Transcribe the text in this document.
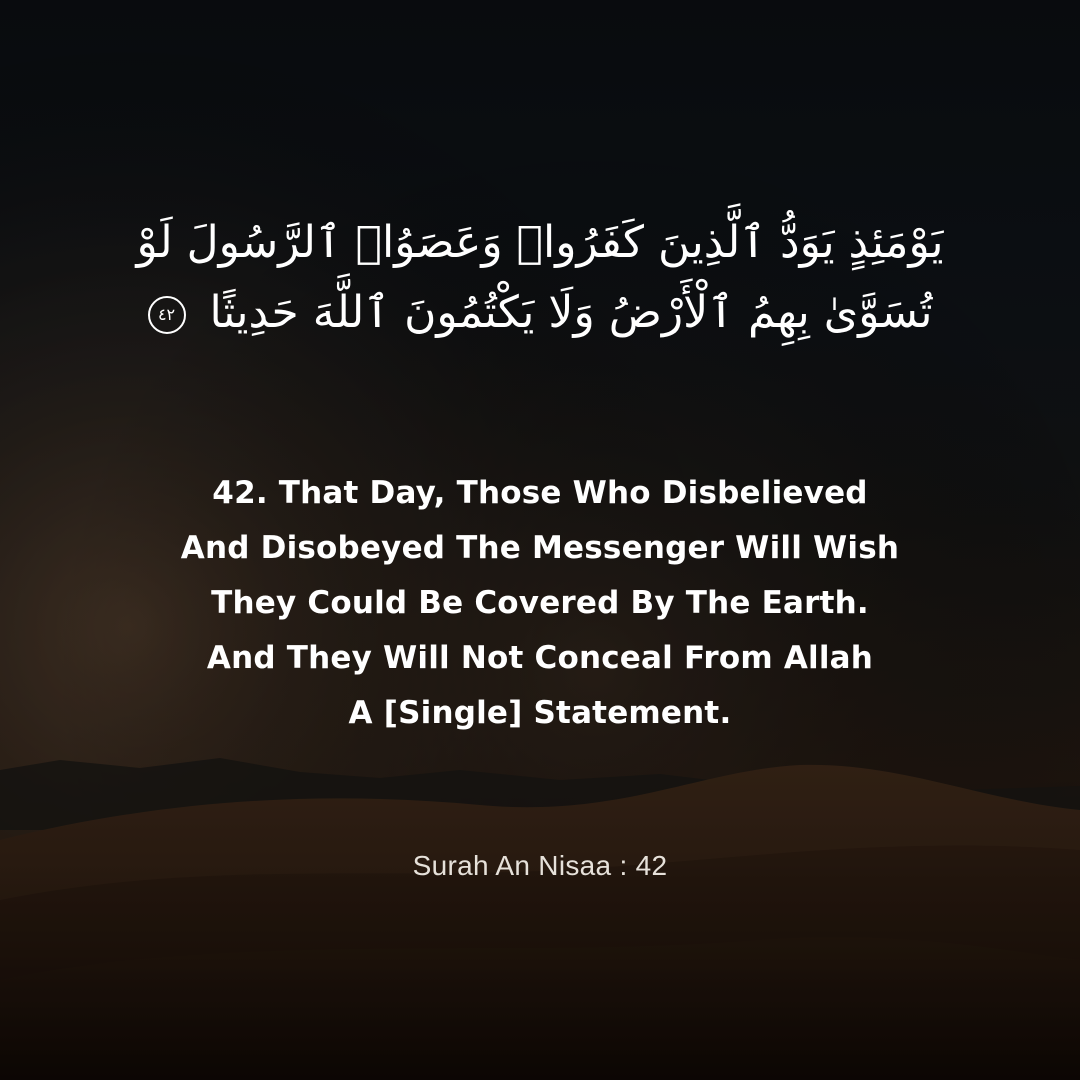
يَوْمَئِذٍ يَوَدُّ ٱلَّذِينَ كَفَرُوا۟ وَعَصَوُا۟ ٱلرَّسُولَ لَوْ
تُسَوَّىٰ بِهِمُ ٱلْأَرْضُ وَلَا يَكْتُمُونَ ٱللَّهَ حَدِيثًا ٤٢
42. That Day, Those Who Disbelieved
And Disobeyed The Messenger Will Wish
They Could Be Covered By The Earth.
And They Will Not Conceal From Allah
A [Single] Statement.
Surah An Nisaa : 42
